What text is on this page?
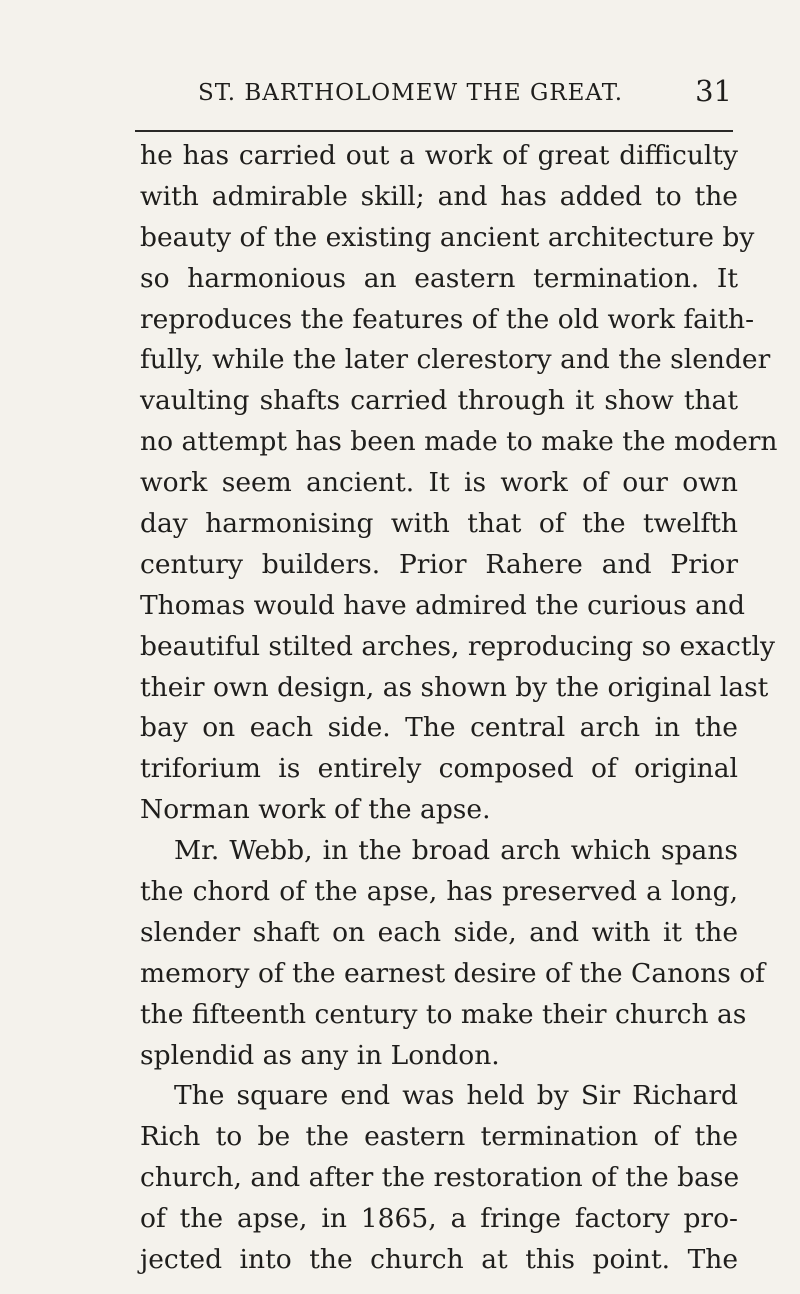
ST. BARTHOLOMEW THE GREAT. 31
he has carried out a work of great difficulty
with admirable skill; and has added to the
beauty of the existing ancient architecture by
so harmonious an eastern termination. It
reproduces the features of the old work faith-
fully, while the later clerestory and the slender
vaulting shafts carried through it show that
no attempt has been made to make the modern
work seem ancient. It is work of our own
day harmonising with that of the twelfth
century builders. Prior Rahere and Prior
Thomas would have admired the curious and
beautiful stilted arches, reproducing so exactly
their own design, as shown by the original last
bay on each side. The central arch in the
triforium is entirely composed of original
Norman work of the apse.
Mr. Webb, in the broad arch which spans
the chord of the apse, has preserved a long,
slender shaft on each side, and with it the
memory of the earnest desire of the Canons of
the fifteenth century to make their church as
splendid as any in London.
The square end was held by Sir Richard
Rich to be the eastern termination of the
church, and after the restoration of the base
of the apse, in 1865, a fringe factory pro-
jected into the church at this point. The
